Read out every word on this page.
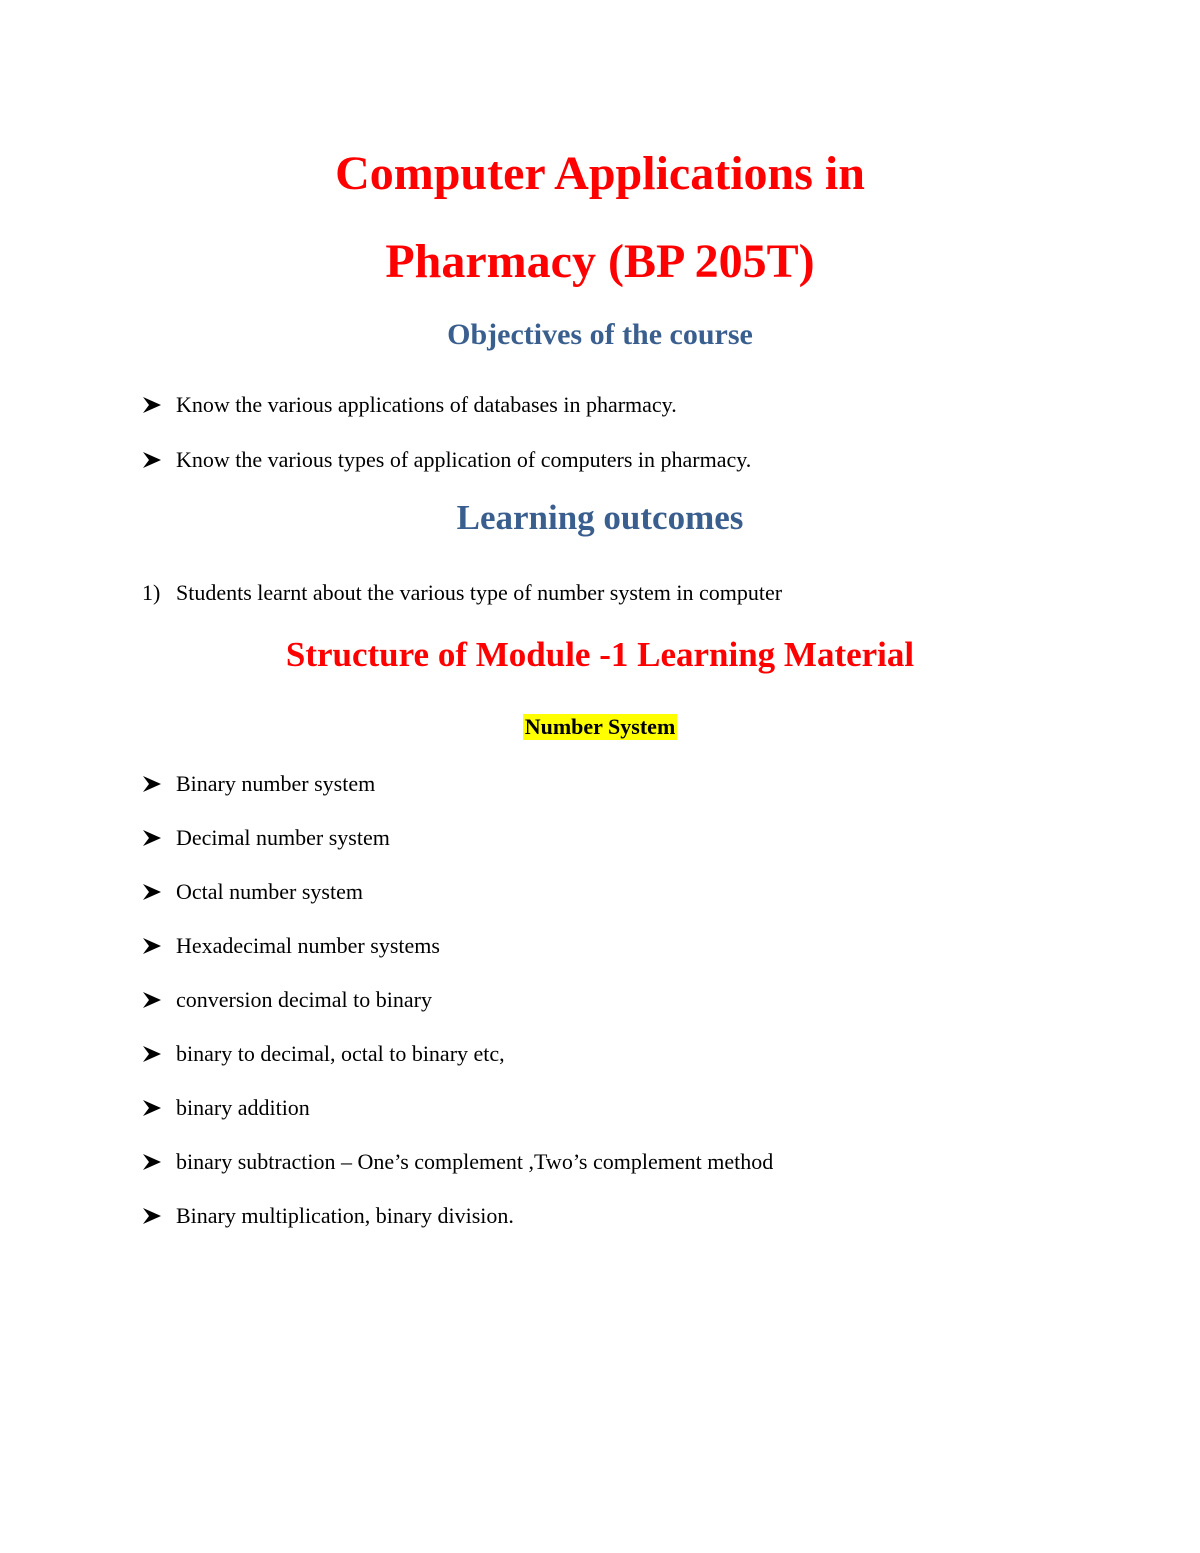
Computer Applications in
Pharmacy (BP 205T)
Objectives of the course
Know the various applications of databases in pharmacy.
Know the various types of application of computers in pharmacy.
Learning outcomes
1) Students learnt about the various type of number system in computer
Structure of Module -1 Learning Material
Number System
Binary number system
Decimal number system
Octal number system
Hexadecimal number systems
conversion decimal to binary
binary to decimal, octal to binary etc,
binary addition
binary subtraction – One’s complement ,Two’s complement method
Binary multiplication, binary division.
